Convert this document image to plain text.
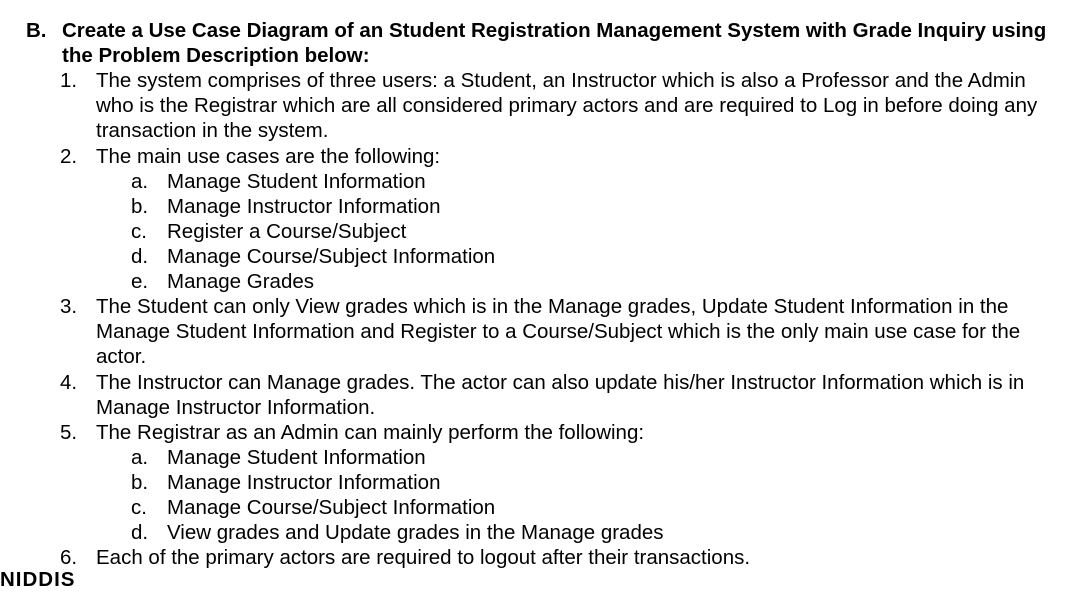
B. Create a Use Case Diagram of an Student Registration Management System with Grade Inquiry using the Problem Description below:
1. The system comprises of three users: a Student, an Instructor which is also a Professor and the Admin who is the Registrar which are all considered primary actors and are required to Log in before doing any transaction in the system.
2. The main use cases are the following:
a. Manage Student Information
b. Manage Instructor Information
c. Register a Course/Subject
d. Manage Course/Subject Information
e. Manage Grades
3. The Student can only View grades which is in the Manage grades, Update Student Information in the Manage Student Information and Register to a Course/Subject which is the only main use case for the actor.
4. The Instructor can Manage grades. The actor can also update his/her Instructor Information which is in Manage Instructor Information.
5. The Registrar as an Admin can mainly perform the following:
a. Manage Student Information
b. Manage Instructor Information
c. Manage Course/Subject Information
d. View grades and Update grades in the Manage grades
6. Each of the primary actors are required to logout after their transactions.
NIDDIS
